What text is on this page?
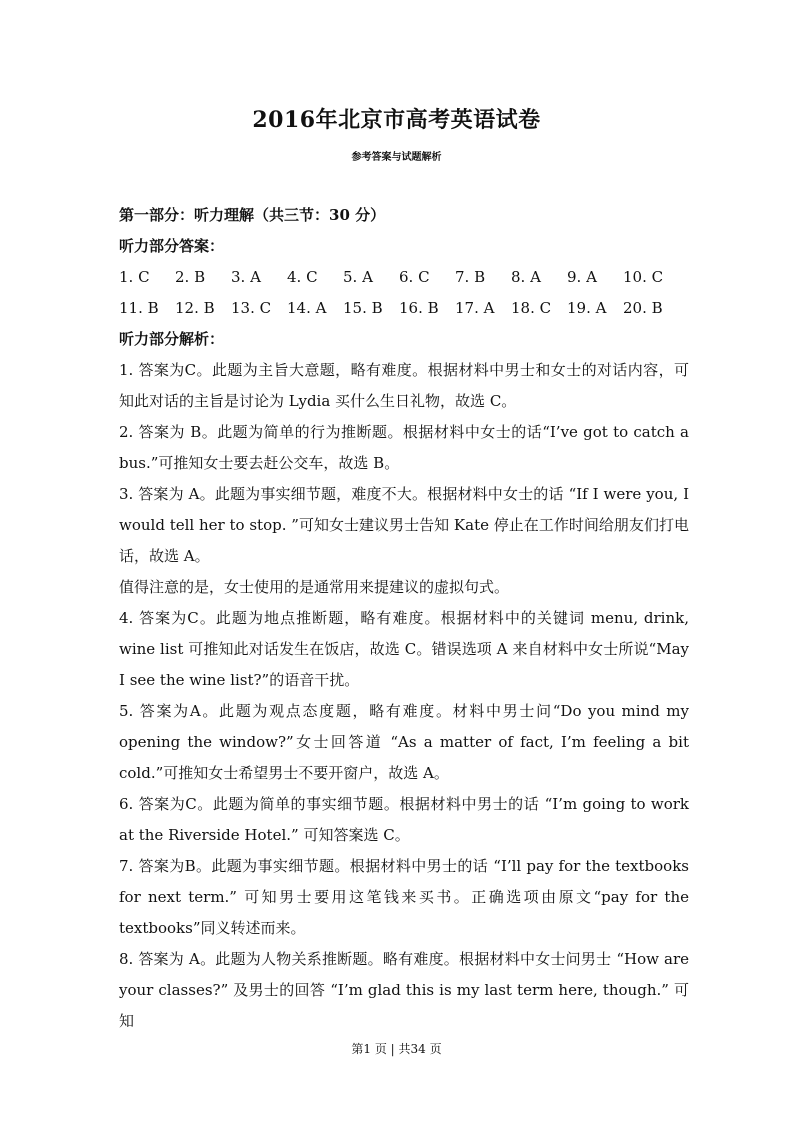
2016年北京市高考英语试卷
参考答案与试题解析
第一部分：听力理解（共三节：30 分）
听力部分答案：
1. C	2. B	3. A	4. C	5. A	6. C	7. B	8. A	9. A	10. C
11. B	12. B	13. C	14. A	15. B	16. B	17. A	18. C	19. A	20. B
听力部分解析：
1. 答案为C。此题为主旨大意题，略有难度。根据材料中男士和女士的对话内容，可知此对话的主旨是讨论为 Lydia 买什么生日礼物，故选 C。
2. 答案为 B。此题为简单的行为推断题。根据材料中女士的话“I’ve got to catch a bus.”可推知女士要去赶公交车，故选 B。
3. 答案为 A。此题为事实细节题，难度不大。根据材料中女士的话 “If I were you, I would tell her to stop. ”可知女士建议男士告知 Kate 停止在工作时间给朋友们打电话，故选 A。
值得注意的是，女士使用的是通常用来提建议的虚拟句式。
4. 答案为C。此题为地点推断题，略有难度。根据材料中的关键词 menu, drink, wine list 可推知此对话发生在饭店，故选 C。错误选项 A 来自材料中女士所说“May I see the wine list?”的语音干扰。
5. 答案为A。此题为观点态度题，略有难度。材料中男士问“Do you mind my opening the window?”女士回答道 “As a matter of fact, I’m feeling a bit cold.”可推知女士希望男士不要开窗户，故选 A。
6. 答案为C。此题为简单的事实细节题。根据材料中男士的话 “I’m going to work at the Riverside Hotel.” 可知答案选 C。
7. 答案为B。此题为事实细节题。根据材料中男士的话 “I’ll pay for the textbooks for next term.” 可知男士要用这笔钱来买书。正确选项由原文“pay for the textbooks”同义转述而来。
8. 答案为 A。此题为人物关系推断题。略有难度。根据材料中女士问男士 “How are your classes?” 及男士的回答 “I’m glad this is my last term here, though.” 可知
第1 页 | 共34 页
